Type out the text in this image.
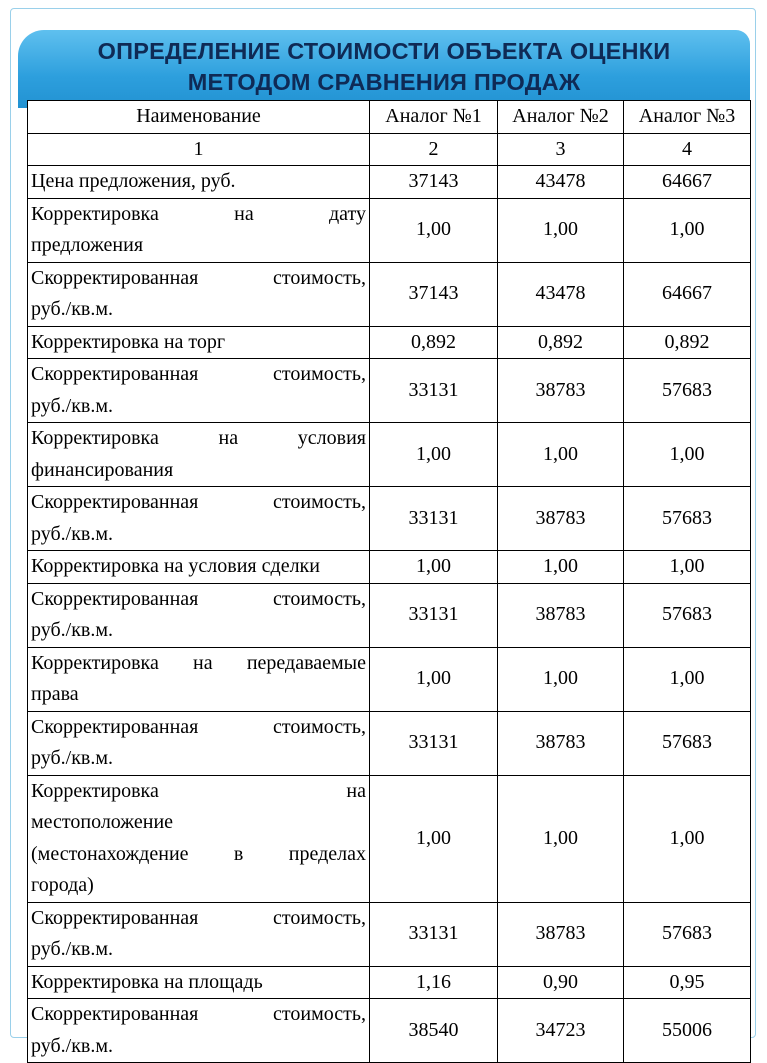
ОПРЕДЕЛЕНИЕ СТОИМОСТИ ОБЪЕКТА ОЦЕНКИ
МЕТОДОМ СРАВНЕНИЯ ПРОДАЖ
Наименование	Аналог №1	Аналог №2	Аналог №3
1	2	3	4

Цена предложения, руб.	37143	43478	64667

Корректировка на дату
предложения	1,00	1,00	1,00

Скорректированная стоимость,
руб./кв.м.	37143	43478	64667

Корректировка на торг	0,892	0,892	0,892

Скорректированная стоимость,
руб./кв.м.	33131	38783	57683

Корректировка на условия
финансирования	1,00	1,00	1,00

Скорректированная стоимость,
руб./кв.м.	33131	38783	57683

Корректировка на условия сделки	1,00	1,00	1,00

Скорректированная стоимость,
руб./кв.м.	33131	38783	57683

Корректировка на передаваемые
права	1,00	1,00	1,00

Скорректированная стоимость,
руб./кв.м.	33131	38783	57683

Корректировка на
местоположение
(местонахождение в пределах
города)	1,00	1,00	1,00

Скорректированная стоимость,
руб./кв.м.	33131	38783	57683

Корректировка на площадь	1,16	0,90	0,95

Скорректированная стоимость,
руб./кв.м.	38540	34723	55006
